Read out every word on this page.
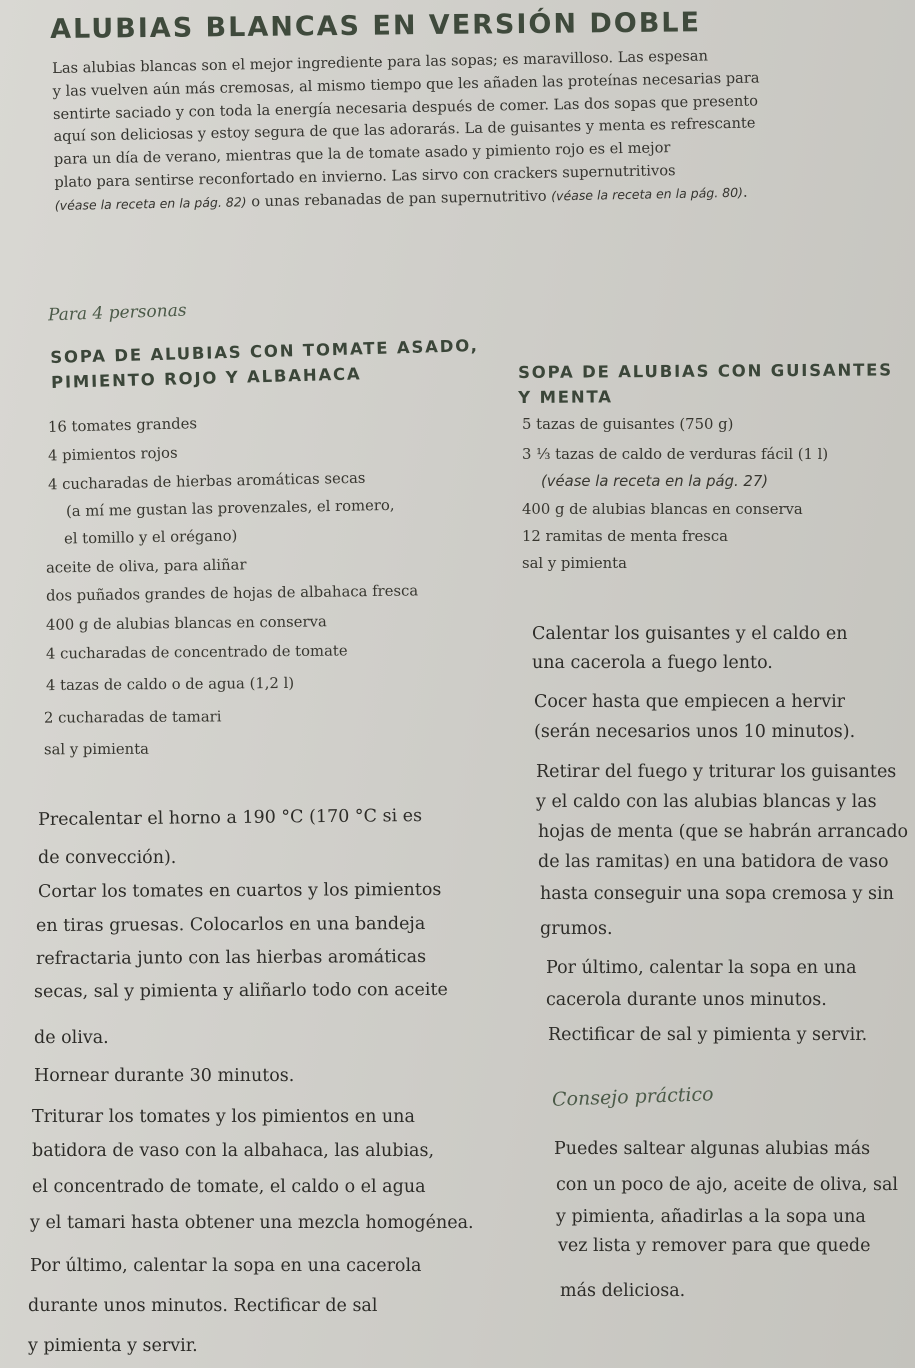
ALUBIAS BLANCAS EN VERSIÓN DOBLE
Las alubias blancas son el mejor ingrediente para las sopas; es maravilloso. Las espesan
y las vuelven aún más cremosas, al mismo tiempo que les añaden las proteínas necesarias para
sentirte saciado y con toda la energía necesaria después de comer. Las dos sopas que presento
aquí son deliciosas y estoy segura de que las adorarás. La de guisantes y menta es refrescante
para un día de verano, mientras que la de tomate asado y pimiento rojo es el mejor
plato para sentirse reconfortado en invierno. Las sirvo con crackers supernutritivos
(véase la receta en la pág. 82) o unas rebanadas de pan supernutritivo (véase la receta en la pág. 80).
Para 4 personas
SOPA DE ALUBIAS CON TOMATE ASADO,
PIMIENTO ROJO Y ALBAHACA
16 tomates grandes
4 pimientos rojos
4 cucharadas de hierbas aromáticas secas
(a mí me gustan las provenzales, el romero,
el tomillo y el orégano)
aceite de oliva, para aliñar
dos puñados grandes de hojas de albahaca fresca
400 g de alubias blancas en conserva
4 cucharadas de concentrado de tomate
4 tazas de caldo o de agua (1,2 l)
2 cucharadas de tamari
sal y pimienta
Precalentar el horno a 190 °C (170 °C si es
de convección).
Cortar los tomates en cuartos y los pimientos
en tiras gruesas. Colocarlos en una bandeja
refractaria junto con las hierbas aromáticas
secas, sal y pimienta y aliñarlo todo con aceite
de oliva.
Hornear durante 30 minutos.
Triturar los tomates y los pimientos en una
batidora de vaso con la albahaca, las alubias,
el concentrado de tomate, el caldo o el agua
y el tamari hasta obtener una mezcla homogénea.
Por último, calentar la sopa en una cacerola
durante unos minutos. Rectificar de sal
y pimienta y servir.
SOPA DE ALUBIAS CON GUISANTES
Y MENTA
5 tazas de guisantes (750 g)
3 ⅓ tazas de caldo de verduras fácil (1 l)
(véase la receta en la pág. 27)
400 g de alubias blancas en conserva
12 ramitas de menta fresca
sal y pimienta
Calentar los guisantes y el caldo en
una cacerola a fuego lento.
Cocer hasta que empiecen a hervir
(serán necesarios unos 10 minutos).
Retirar del fuego y triturar los guisantes
y el caldo con las alubias blancas y las
hojas de menta (que se habrán arrancado
de las ramitas) en una batidora de vaso
hasta conseguir una sopa cremosa y sin
grumos.
Por último, calentar la sopa en una
cacerola durante unos minutos.
Rectificar de sal y pimienta y servir.
Consejo práctico
Puedes saltear algunas alubias más
con un poco de ajo, aceite de oliva, sal
y pimienta, añadirlas a la sopa una
vez lista y remover para que quede
más deliciosa.
